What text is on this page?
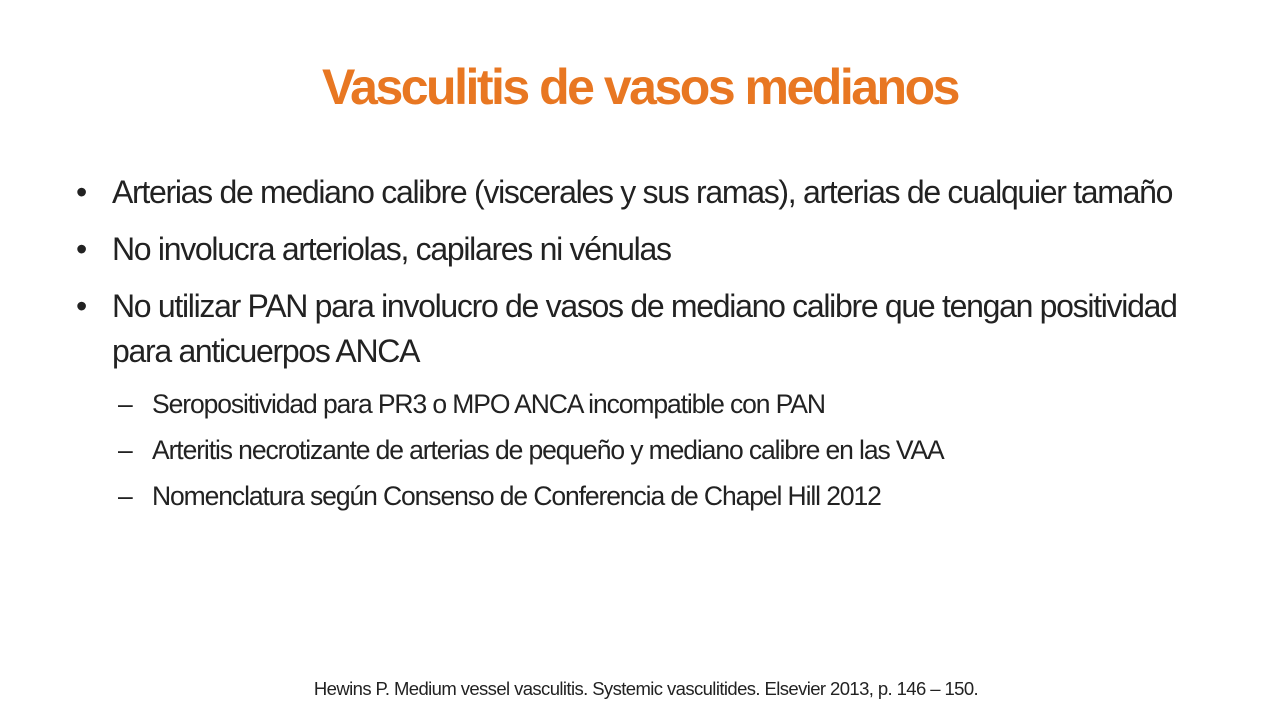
Vasculitis de vasos medianos
• Arterias de mediano calibre (viscerales y sus ramas), arterias de cualquier tamaño
• No involucra arteriolas, capilares ni vénulas
• No utilizar PAN para involucro de vasos de mediano calibre que tengan positividad para anticuerpos ANCA
– Seropositividad para PR3 o MPO ANCA incompatible con PAN
– Arteritis necrotizante de arterias de pequeño y mediano calibre en las VAA
– Nomenclatura según Consenso de Conferencia de Chapel Hill 2012
Hewins P. Medium vessel vasculitis. Systemic vasculitides. Elsevier 2013, p. 146 – 150.
